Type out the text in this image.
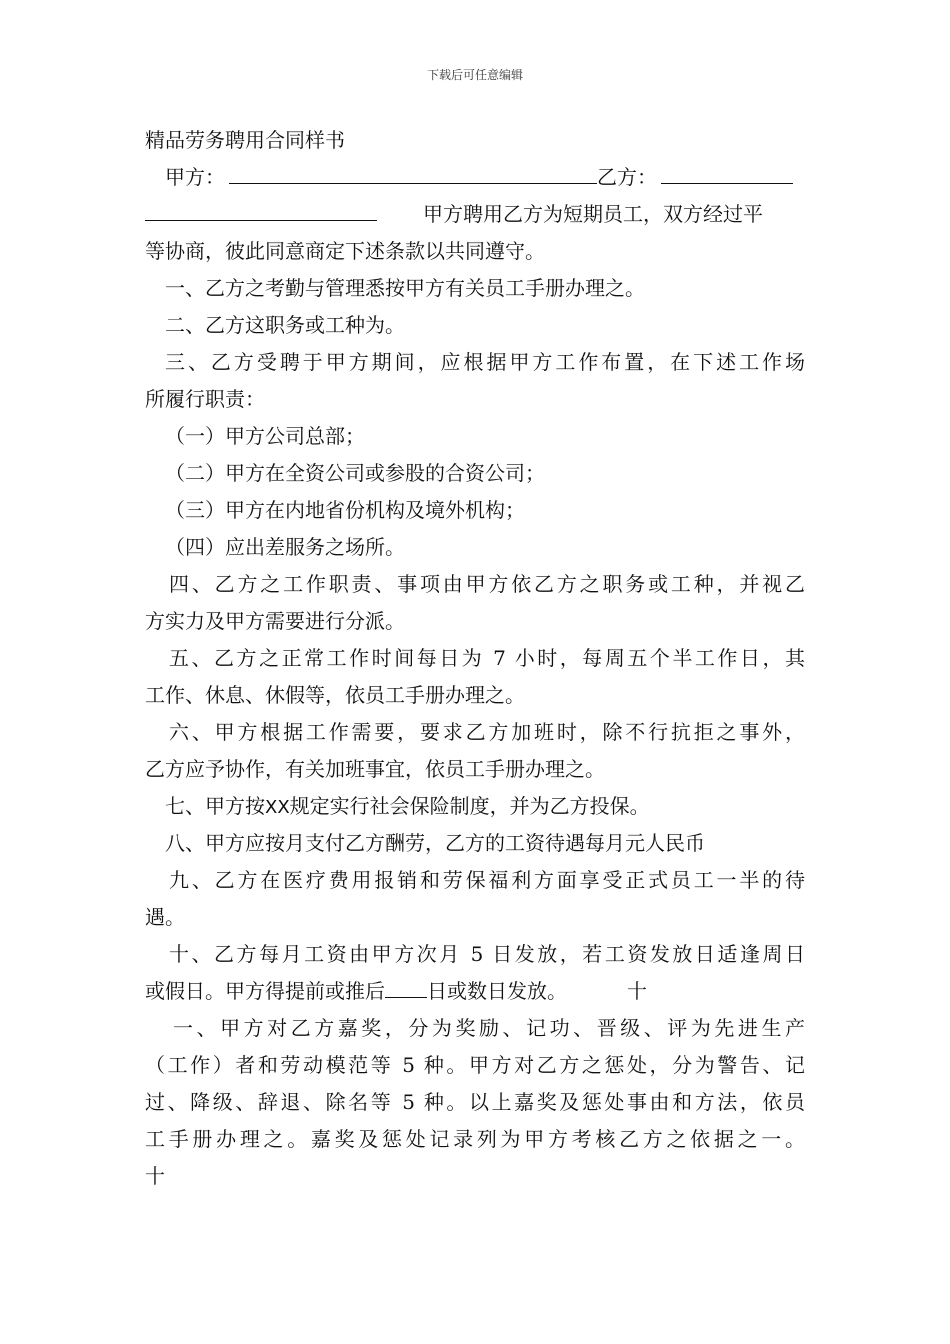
下载后可任意编辑
精品劳务聘用合同样书
甲方：	乙方：
甲方聘用乙方为短期员工，双方经过平
等协商，彼此同意商定下述条款以共同遵守。
一、乙方之考勤与管理悉按甲方有关员工手册办理之。
二、乙方这职务或工种为。
三、乙方受聘于甲方期间，应根据甲方工作布置，在下述工作场
所履行职责：
（一）甲方公司总部；
（二）甲方在全资公司或参股的合资公司；
（三）甲方在内地省份机构及境外机构；
（四）应出差服务之场所。
四、乙方之工作职责、事项由甲方依乙方之职务或工种，并视乙
方实力及甲方需要进行分派。
五、乙方之正常工作时间每日为 7 小时，每周五个半工作日，其
工作、休息、休假等，依员工手册办理之。
六、甲方根据工作需要，要求乙方加班时，除不行抗拒之事外，
乙方应予协作，有关加班事宜，依员工手册办理之。
七、甲方按XX规定实行社会保险制度，并为乙方投保。
八、甲方应按月支付乙方酬劳，乙方的工资待遇每月元人民币
九、乙方在医疗费用报销和劳保福利方面享受正式员工一半的待
遇。
十、乙方每月工资由甲方次月 5 日发放，若工资发放日适逢周日
或假日。甲方得提前或推后 日或数日发放。	十
一、甲方对乙方嘉奖，分为奖励、记功、晋级、评为先进生产
（工作）者和劳动模范等 5 种。甲方对乙方之惩处，分为警告、记
过、降级、辞退、除名等 5 种。以上嘉奖及惩处事由和方法，依员
工手册办理之。嘉奖及惩处记录列为甲方考核乙方之依据之一。
十
